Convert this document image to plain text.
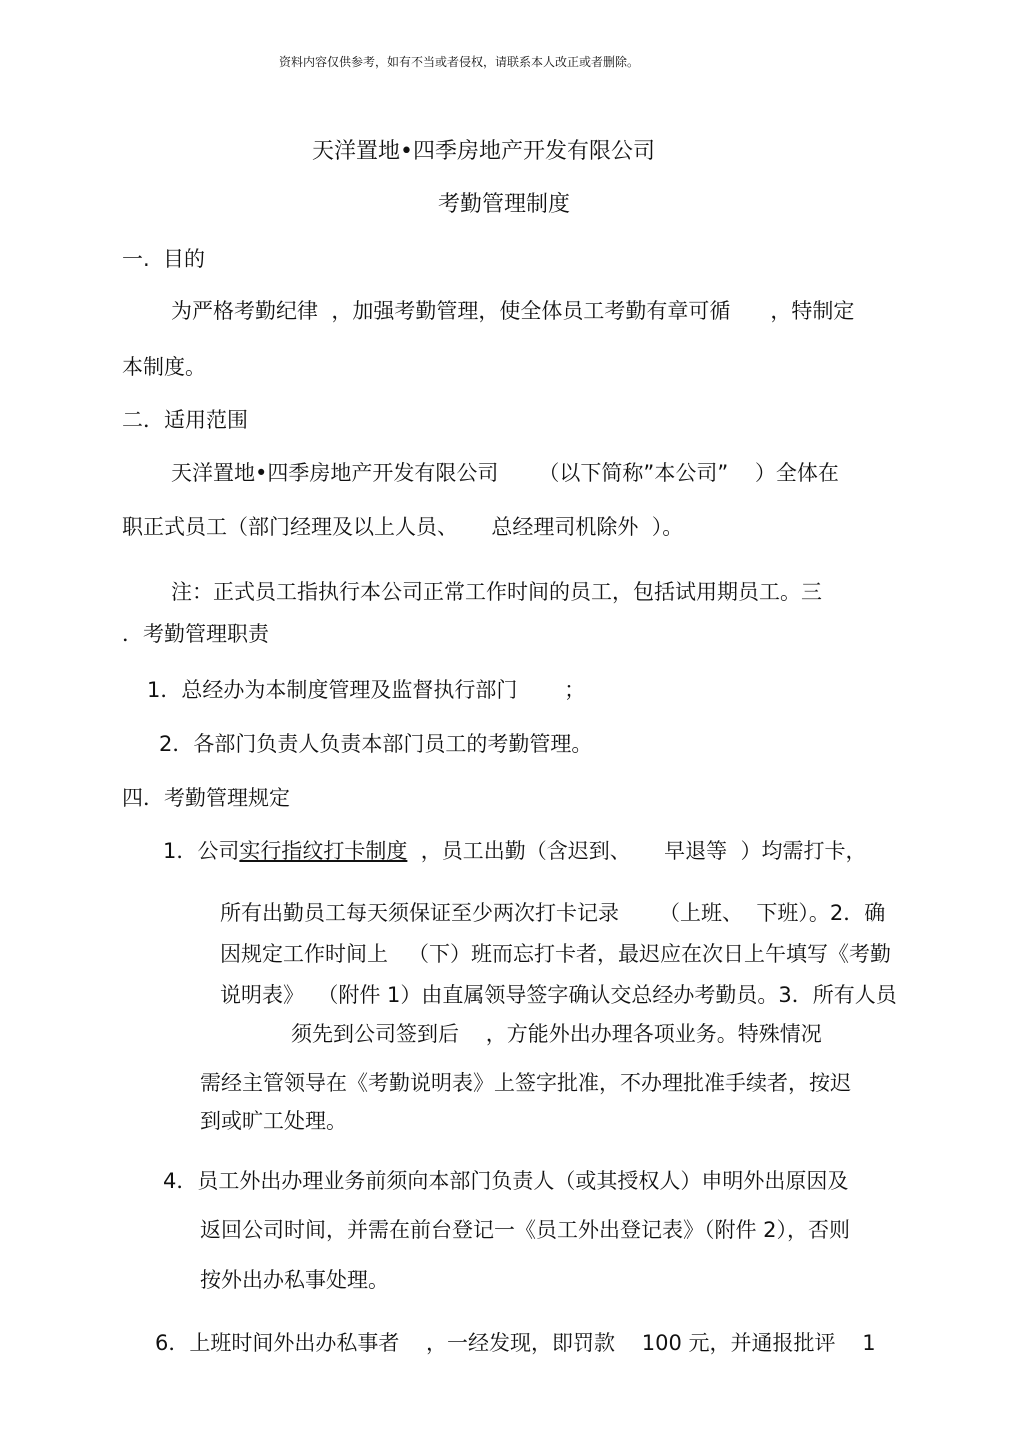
资料内容仅供参考，如有不当或者侵权，请联系本人改正或者删除。
天洋置地•四季房地产开发有限公司
考勤管理制度
一.  目的
为严格考勤纪律  ，加强考勤管理，使全体员工考勤有章可循      ，特制定
本制度。
二．适用范围
天洋置地•四季房地产开发有限公司      （以下简称”本公司”    ）全体在
职正式员工（部门经理及以上人员、     总经理司机除外  ）。
注：正式员工指执行本公司正常工作时间的员工，包括试用期员工。三
．考勤管理职责
1．总经办为本制度管理及监督执行部门       ；
2．各部门负责人负责本部门员工的考勤管理。
四．考勤管理规定
1．公司实行指纹打卡制度  ，员工出勤（含迟到、     早退等  ）均需打卡，
所有出勤员工每天须保证至少两次打卡记录      （上班、  下班）。2．确
因规定工作时间上   （下）班而忘打卡者，最迟应在次日上午填写《考勤
说明表》  （附件 1）由直属领导签字确认交总经办考勤员。3．所有人员
须先到公司签到后    ，方能外出办理各项业务。特殊情况
需经主管领导在《考勤说明表》上签字批准，不办理批准手续者，按迟
到或旷工处理。
4．员工外出办理业务前须向本部门负责人（或其授权人）申明外出原因及
返回公司时间，并需在前台登记一《员工外出登记表》（附件 2），否则
按外出办私事处理。
6．上班时间外出办私事者    ，一经发现，即罚款    100 元，并通报批评    1
